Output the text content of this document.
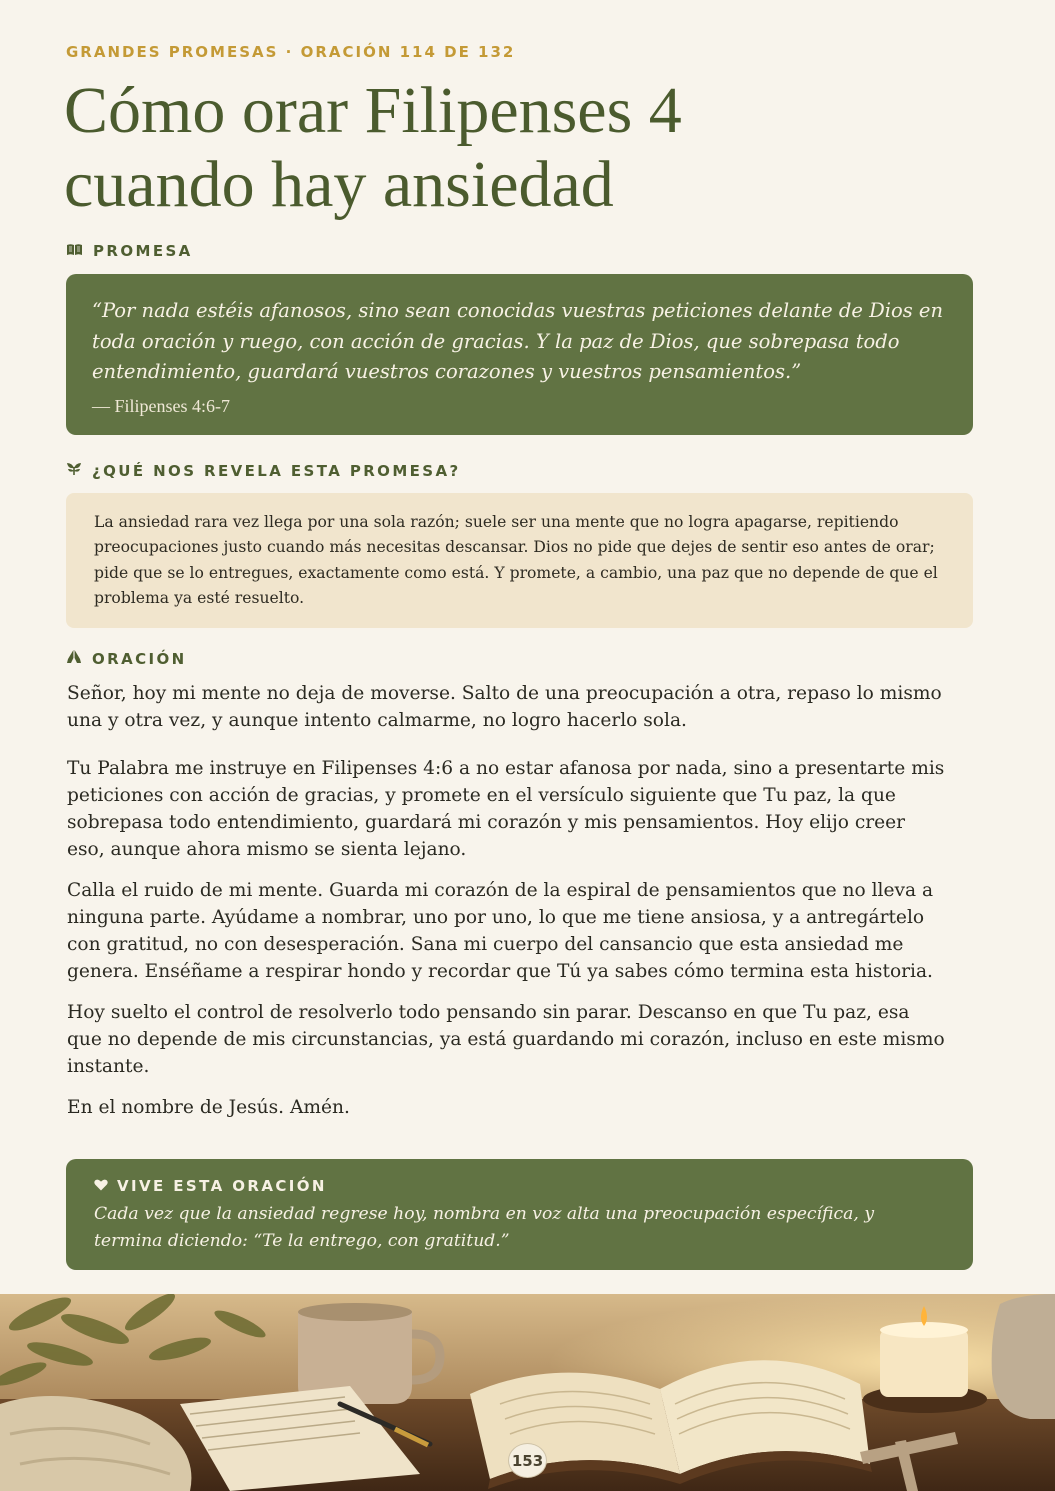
GRANDES PROMESAS · ORACIÓN 114 DE 132
Cómo orar Filipenses 4
cuando hay ansiedad
PROMESA

“Por nada estéis afanosos, sino sean conocidas vuestras peticiones delante de Dios en toda oración y ruego, con acción de gracias. Y la paz de Dios, que sobrepasa todo entendimiento, guardará vuestros corazones y vuestros pensamientos.”

— Filipenses 4:6-7
¿QUÉ NOS REVELA ESTA PROMESA?

La ansiedad rara vez llega por una sola razón; suele ser una mente que no logra apagarse, repitiendo preocupaciones justo cuando más necesitas descansar. Dios no pide que dejes de sentir eso antes de orar; pide que se lo entregues, exactamente como está. Y promete, a cambio, una paz que no depende de que el problema ya esté resuelto.

ORACIÓN

Señor, hoy mi mente no deja de moverse. Salto de una preocupación a otra, repaso lo mismo una y otra vez, y aunque intento calmarme, no logro hacerlo sola.

Tu Palabra me instruye en Filipenses 4:6 a no estar afanosa por nada, sino a presentarte mis peticiones con acción de gracias, y promete en el versículo siguiente que Tu paz, la que sobrepasa todo entendimiento, guardará mi corazón y mis pensamientos. Hoy elijo creer eso, aunque ahora mismo se sienta lejano.

Calla el ruido de mi mente. Guarda mi corazón de la espiral de pensamientos que no lleva a ninguna parte. Ayúdame a nombrar, uno por uno, lo que me tiene ansiosa, y a antregártelo con gratitud, no con desesperación. Sana mi cuerpo del cansancio que esta ansiedad me genera. Enséñame a respirar hondo y recordar que Tú ya sabes cómo termina esta historia.

Hoy suelto el control de resolverlo todo pensando sin parar. Descanso en que Tu paz, esa que no depende de mis circunstancias, ya está guardando mi corazón, incluso en este mismo instante.

En el nombre de Jesús. Amén.

VIVE ESTA ORACIÓN
Cada vez que la ansiedad regrese hoy, nombra en voz alta una preocupación específica, y termina diciendo: “Te la entrego, con gratitud.”
153
